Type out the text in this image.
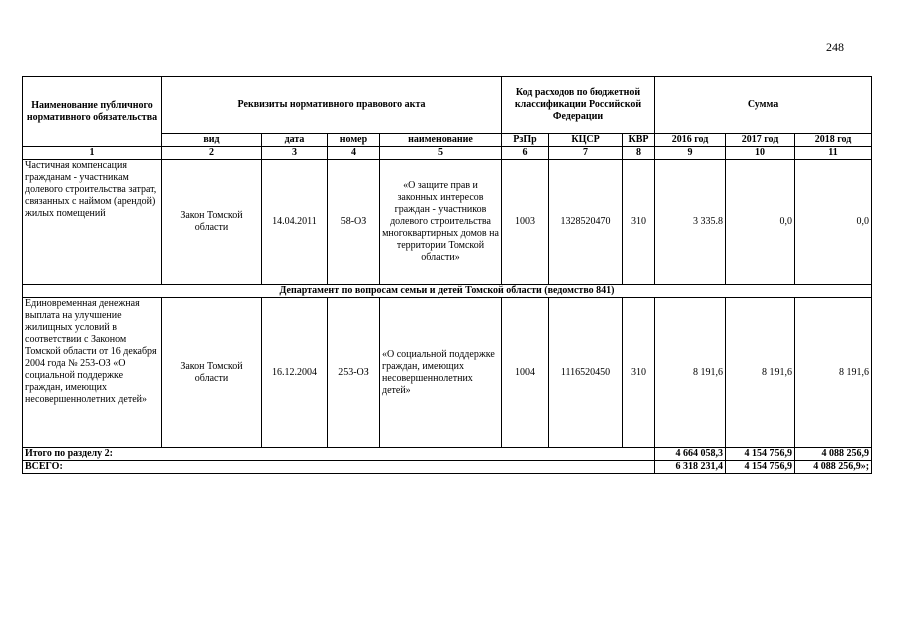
248
Наименование публичного нормативного обязательства	Реквизиты нормативного правового акта				Код расходов по бюджетной классификации Российской Федерации			Сумма		
	вид	дата	номер	наименование	РзПр	КЦСР	КВР	2016 год	2017 год	2018 год
1	2	3	4	5	6	7	8	9	10	11
Частичная компенсация гражданам - участникам долевого строительства затрат, связанных с наймом (арендой) жилых помещений	Закон Томской области	14.04.2011	58-ОЗ	«О защите прав и законных интересов граждан - участников долевого строительства многоквартирных домов на территории Томской области»	1003	1328520470	310	3 335.8	0,0	0,0
Департамент по вопросам семьи и детей Томской области (ведомство 841)										
Единовременная денежная выплата на улучшение жилищных условий в соответствии с Законом Томской области от 16 декабря 2004 года № 253-ОЗ «О социальной поддержке граждан, имеющих несовершеннолетних детей»	Закон Томской области	16.12.2004	253-ОЗ	«О социальной поддержке граждан, имеющих несовершеннолетних детей»	1004	1116520450	310	8 191,6	8 191,6	8 191,6
Итого по разделу 2:								4 664 058,3	4 154 756,9	4 088 256,9
ВСЕГО:								6 318 231,4	4 154 756,9	4 088 256,9»;
